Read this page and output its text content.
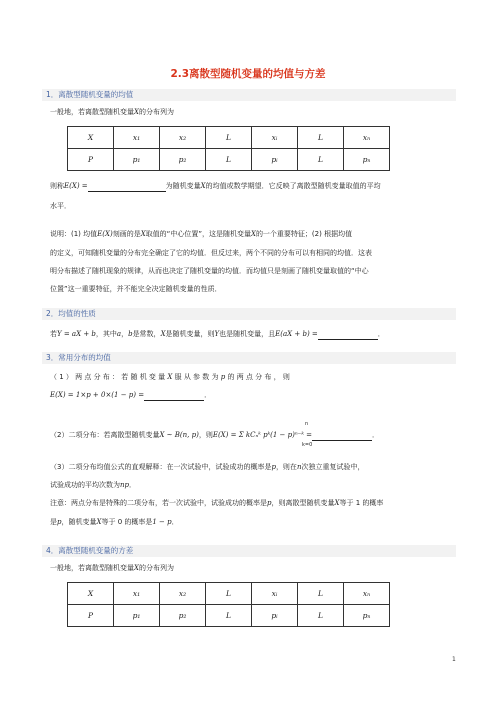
2.3离散型随机变量的均值与方差
1．离散型随机变量的均值
一般地，若离散型随机变量X的分布列为
X	x₁	x₂	L	xᵢ	L	xₙ
P	p₁	p₂	L	pᵢ	L	pₙ
则称E(X) =	为随机变量X的均值或数学期望．它反映了离散型随机变量取值的平均
水平．
说明：(1) 均值E(X)刻画的是X取值的“中心位置”，这是随机变量X的一个重要特征；(2) 根据均值
的定义，可知随机变量的分布完全确定了它的均值．但反过来，两个不同的分布可以有相同的均值．这表
明分布描述了随机现象的规律，从而也决定了随机变量的均值．而均值只是刻画了随机变量取值的“中心
位置”这一重要特征，并不能完全决定随机变量的性质．
2．均值的性质
若Y = aX + b，其中a，b是常数，X是随机变量，则Y也是随机变量，且E(aX + b) =	．
3．常用分布的均值
（ 1 ） 两 点 分 布 ： 若 随 机 变 量 X 服 从 参 数 为 p 的 两 点 分 布 ， 则
E(X) = 1×p + 0×(1 − p) =	．
（2）二项分布：若离散型随机变量X ~ B(n, p)，则E(X) = Σ kCₙᵏ pᵏ(1 − p)ⁿ⁻ᵏ =	．
n
k=0
（3）二项分布均值公式的直观解释：在一次试验中，试验成功的概率是p，则在n次独立重复试验中，
试验成功的平均次数为np．
注意：两点分布是特殊的二项分布，若一次试验中，试验成功的概率是p，则离散型随机变量X等于 1 的概率
是p，随机变量X等于 0 的概率是1 − p．
4．离散型随机变量的方差
一般地，若离散型随机变量X的分布列为
X	x₁	x₂	L	xᵢ	L	xₙ
P	p₁	p₂	L	pᵢ	L	pₙ
1
